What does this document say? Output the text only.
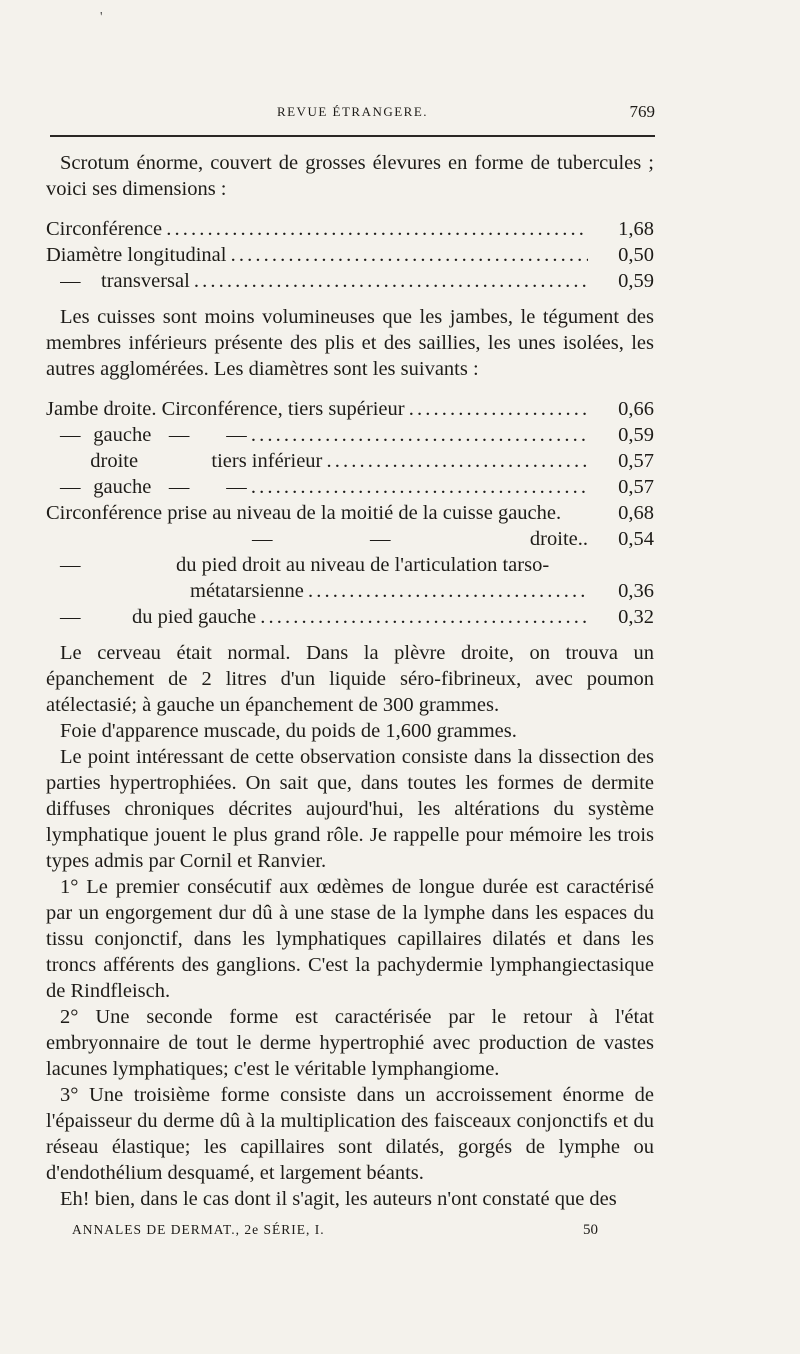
'
REVUE ÉTRANGERE.	769

Scrotum énorme, couvert de grosses élevures en forme de tubercules ; voici ses dimensions :

Circonférence . . .	1,68
Diamètre longitudinal . . .	0,50
—    transversal . . .	0,59

Les cuisses sont moins volumineuses que les jambes, le tégument des membres inférieurs présente des plis et des saillies, les unes isolées, les autres agglomérées. Les diamètres sont les suivants :

Jambe droite. Circonférence, tiers supérieur . . .	0,66
— gauche —	— . . .	0,59
droite	tiers inférieur . . .	0,57
— gauche —	— . . .	0,57
Circonférence prise au niveau de la moitié de la cuisse gauche.	0,68
—	—	droite..	0,54
—	du pied droit au niveau de l'articulation tarso-
métatarsienne . . .	0,36
—	du pied gauche . . .	0,32

Le cerveau était normal. Dans la plèvre droite, on trouva un épanchement de 2 litres d'un liquide séro-fibrineux, avec poumon atélectasié; à gauche un épanchement de 300 grammes.

Foie d'apparence muscade, du poids de 1,600 grammes.

Le point intéressant de cette observation consiste dans la dissection des parties hypertrophiées. On sait que, dans toutes les formes de dermite diffuses chroniques décrites aujourd'hui, les altérations du système lymphatique jouent le plus grand rôle. Je rappelle pour mémoire les trois types admis par Cornil et Ranvier.

1° Le premier consécutif aux œdèmes de longue durée est caractérisé par un engorgement dur dû à une stase de la lymphe dans les espaces du tissu conjonctif, dans les lymphatiques capillaires dilatés et dans les troncs afférents des ganglions. C'est la pachydermie lymphangiectasique de Rindfleisch.

2° Une seconde forme est caractérisée par le retour à l'état embryonnaire de tout le derme hypertrophié avec production de vastes lacunes lymphatiques; c'est le véritable lymphangiome.

3° Une troisième forme consiste dans un accroissement énorme de l'épaisseur du derme dû à la multiplication des faisceaux conjonctifs et du réseau élastique; les capillaires sont dilatés, gorgés de lymphe ou d'endothélium desquamé, et largement béants.

Eh! bien, dans le cas dont il s'agit, les auteurs n'ont constaté que des

ANNALES DE DERMAT., 2e SÉRIE, I.	50
